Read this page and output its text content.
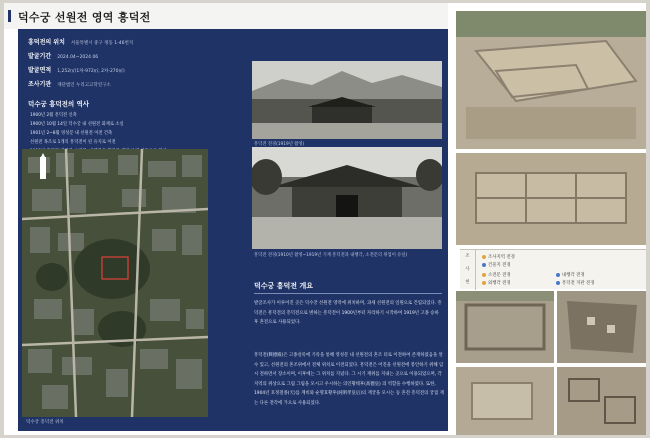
덕수궁 선원전 영역 흥덕전
흥덕전의 위치 서울특별시 중구 정동 1-46번지
발굴기간 2024.04~2024.06
발굴면적 1,252㎡(1차-972㎡, 2차-270㎡)
조사기관 재단법인 누리고고학연구소
덕수궁 흥덕전의 역사
1900년 2월 흥덕전 신축
1900년 10월 14일 덕수궁 내 선원전 화재로 소실
1901년 2~8월 영성문 내 선원전 이전 건축
선원전 목조로 1개의 흥덕전이 된 유지로 이전
덕수궁 흥덕전 위치
흥덕전 전경(1919년 촬영)
흥덕전 전경(1910년 촬영~1919년 기재 흥덕전과 내행각, 소전문의 위업이 유실)
덕수궁 흥덕전 개요

발굴조사가 이루어진 곳은 덕수궁 선원전 영역에 위치하며, 과세 선원전의 일원으로 건립되었다. 흥덕전은 흥덕전의 흥덕전으로 변하는 흥덕전이 1900년부터 자리하기 시작하여 1919년 고종 승하 후 혼전으로 사용되었다.

흥덕전(興德殿)은 고종실록에 기록을 통해 영성문 내 선원전의 혼조 터로 이전하여 존재하였음을 알 수 있고, 선원전의 혼조위에서 전체 위치로 이전되었다. 흥덕전은 어진을 선원전에 봉안하기 위해 임시 전하면서 장소이며, 이후에는 그 위치를 지녔다. 그 시기 재위를 지내는 곳으로 이용되었으며, 각 지역의 위상으로 그림 그림을 모시고 우시하는 의인황태후(高德皇) 의 역할을 수행하였다. 또한, 1904년 호정철종(天)를 계비와 순명효황후(純明孝皇后)의 재궁을 모시는 등 혼전 흥덕전의 궁궐 재는 다른 전각에 가으로 사용되었다.

조
사
현
조사지역 전경
건물지 전경
소전문 전경	내행각 전경
외행각 전경	흥덕전 지관 전경
